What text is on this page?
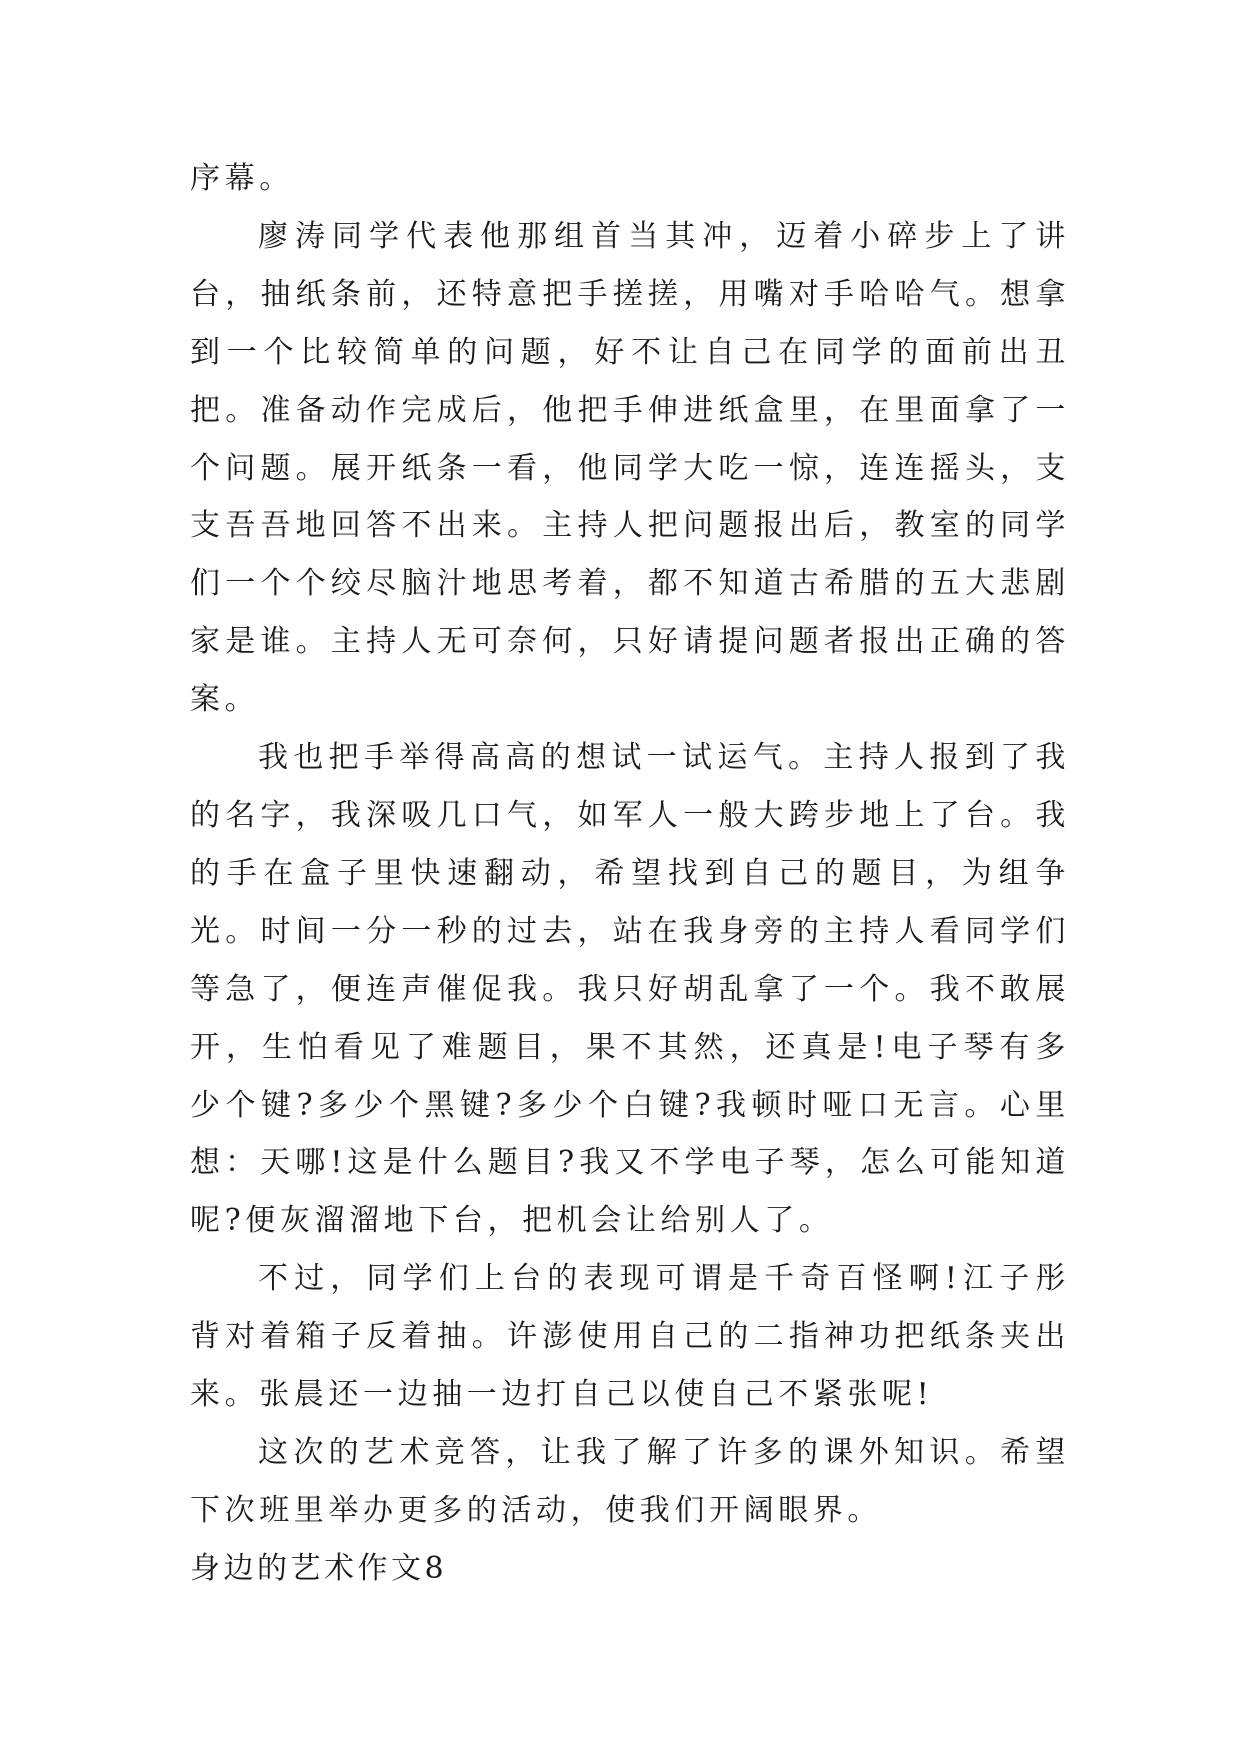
序幕。

廖涛同学代表他那组首当其冲，迈着小碎步上了讲台，抽纸条前，还特意把手搓搓，用嘴对手哈哈气。想拿到一个比较简单的问题，好不让自己在同学的面前出丑把。准备动作完成后，他把手伸进纸盒里，在里面拿了一个问题。展开纸条一看，他同学大吃一惊，连连摇头，支支吾吾地回答不出来。主持人把问题报出后，教室的同学们一个个绞尽脑汁地思考着，都不知道古希腊的五大悲剧家是谁。主持人无可奈何，只好请提问题者报出正确的答案。

我也把手举得高高的想试一试运气。主持人报到了我的名字，我深吸几口气，如军人一般大跨步地上了台。我的手在盒子里快速翻动，希望找到自己的题目，为组争光。时间一分一秒的过去，站在我身旁的主持人看同学们等急了，便连声催促我。我只好胡乱拿了一个。我不敢展开，生怕看见了难题目，果不其然，还真是!电子琴有多少个键?多少个黑键?多少个白键?我顿时哑口无言。心里想：天哪!这是什么题目?我又不学电子琴，怎么可能知道呢?便灰溜溜地下台，把机会让给别人了。

不过，同学们上台的表现可谓是千奇百怪啊!江子彤背对着箱子反着抽。许澎使用自己的二指神功把纸条夹出来。张晨还一边抽一边打自己以使自己不紧张呢!

这次的艺术竞答，让我了解了许多的课外知识。希望下次班里举办更多的活动，使我们开阔眼界。

身边的艺术作文8
